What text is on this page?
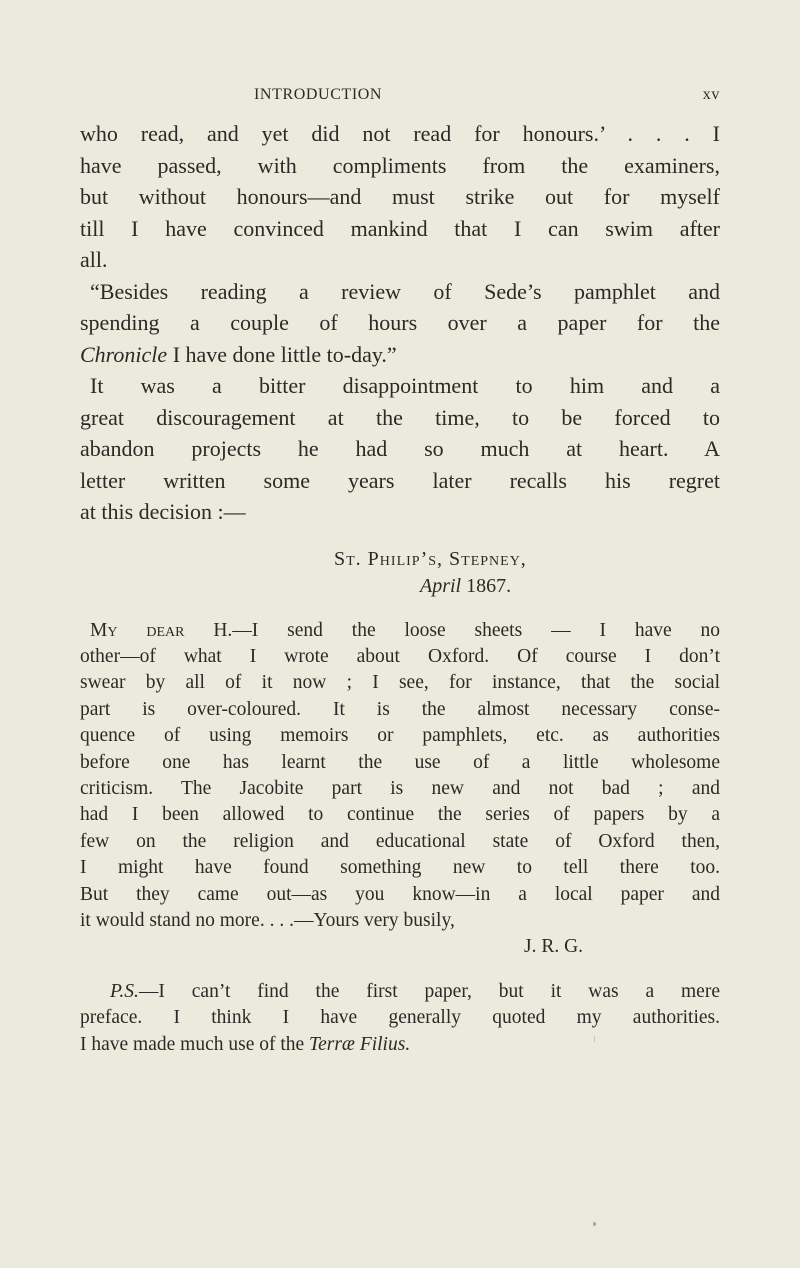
INTRODUCTION	xv

who read, and yet did not read for honours.’ . . . I
have passed, with compliments from the examiners,
but without honours—and must strike out for myself
till I have convinced mankind that I can swim after
all.

“Besides reading a review of Sede’s pamphlet and
spending a couple of hours over a paper for the
Chronicle I have done little to-day.”

It was a bitter disappointment to him and a
great discouragement at the time, to be forced to
abandon projects he had so much at heart. A
letter written some years later recalls his regret
at this decision :—

St. Philip’s, Stepney,
April 1867.
My dear H.—I send the loose sheets — I have no
other—of what I wrote about Oxford. Of course I don’t
swear by all of it now ; I see, for instance, that the social
part is over-coloured. It is the almost necessary conse-
quence of using memoirs or pamphlets, etc. as authorities
before one has learnt the use of a little wholesome
criticism. The Jacobite part is new and not bad ; and
had I been allowed to continue the series of papers by a
few on the religion and educational state of Oxford then,
I might have found something new to tell there too.
But they came out—as you know—in a local paper and
it would stand no more. . . .—Yours very busily,
J. R. G.
P.S.—I can’t find the first paper, but it was a mere
preface. I think I have generally quoted my authorities.
I have made much use of the Terræ Filius.
